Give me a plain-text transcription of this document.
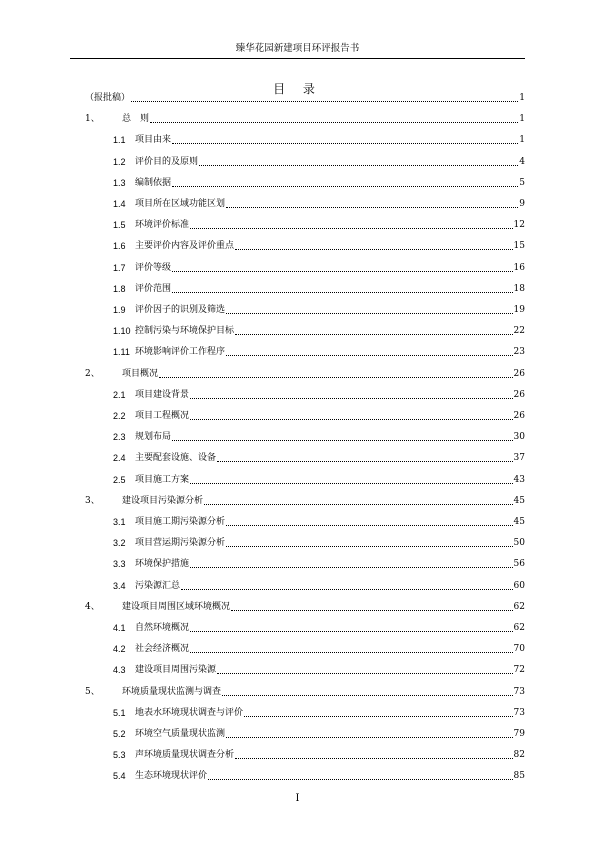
臻华花园新建项目环评报告书
目 录
（报批稿）	1
1、	总　则	1
1.1	项目由来	1
1.2	评价目的及原则	4
1.3	编制依据	5
1.4	项目所在区域功能区划	9
1.5	环境评价标准	12
1.6	主要评价内容及评价重点	15
1.7	评价等级	16
1.8	评价范围	18
1.9	评价因子的识别及筛选	19
1.10 控制污染与环境保护目标	22
1.11 环境影响评价工作程序	23
2、	项目概况	26
2.1	项目建设背景	26
2.2	项目工程概况	26
2.3	规划布局	30
2.4	主要配套设施、设备	37
2.5	项目施工方案	43
3、	建设项目污染源分析	45
3.1	项目施工期污染源分析	45
3.2	项目营运期污染源分析	50
3.3	环境保护措施	56
3.4	污染源汇总	60
4、	建设项目周围区域环境概况	62
4.1	自然环境概况	62
4.2	社会经济概况	70
4.3	建设项目周围污染源	72
5、	环境质量现状监测与调查	73
5.1	地表水环境现状调查与评价	73
5.2	环境空气质量现状监测	79
5.3	声环境质量现状调查分析	82
5.4	生态环境现状评价	85
I
